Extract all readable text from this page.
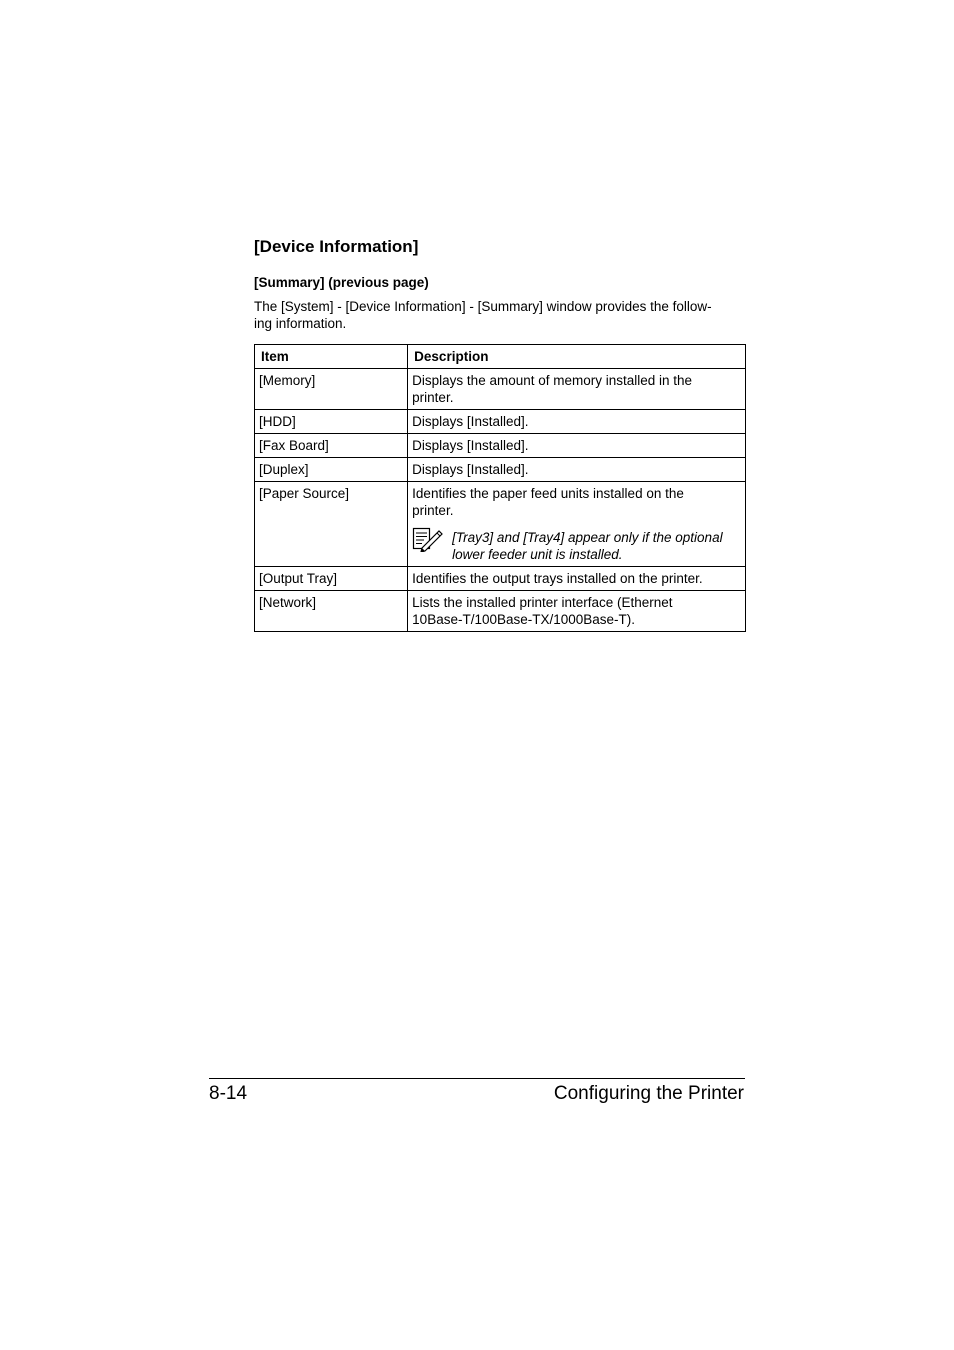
[Device Information]
[Summary] (previous page)

The [System] - [Device Information] - [Summary] window provides the follow-
ing information.

Item	Description
[Memory]	Displays the amount of memory installed in the
printer.

[HDD]	Displays [Installed].

[Fax Board]	Displays [Installed].

[Duplex]	Displays [Installed].

[Paper Source]	Identifies the paper feed units installed on the
printer.
[Tray3] and [Tray4] appear only if the optional
lower feeder unit is installed.

[Output Tray]	Identifies the output trays installed on the printer.

[Network]	Lists the installed printer interface (Ethernet
10Base-T/100Base-TX/1000Base-T).
8-14	Configuring the Printer
